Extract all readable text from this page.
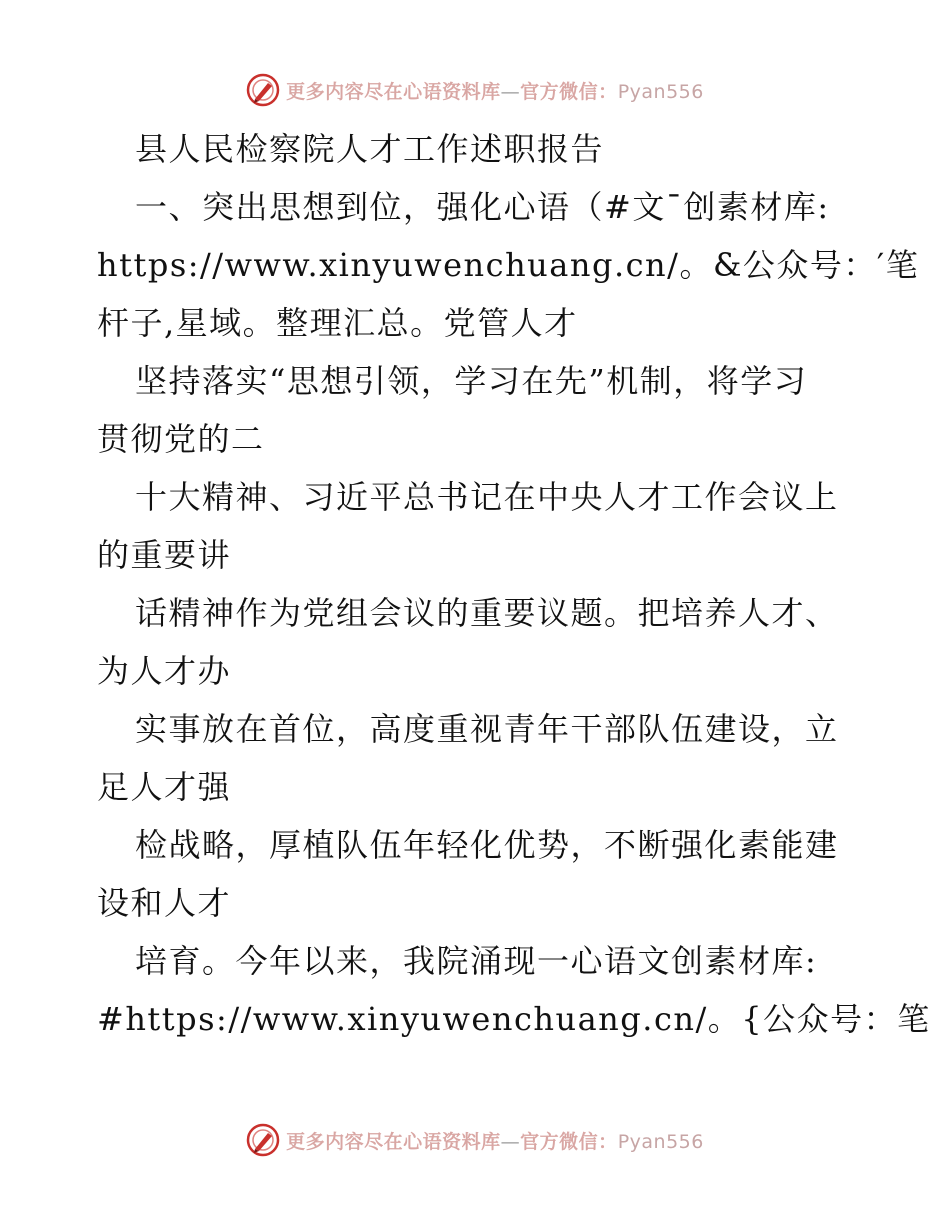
更多内容尽在心语资料库—官方微信：Pyan556
县人民检察院人才工作述职报告
一、突出思想到位，强化心语（#文¯创素材库:
https://www.xinyuwenchuang.cn/。&公众号：′笔
杆子,星域。整理汇总。党管人才
坚持落实“思想引领，学习在先”机制，将学习
贯彻党的二
十大精神、习近平总书记在中央人才工作会议上
的重要讲
话精神作为党组会议的重要议题。把培养人才、
为人才办
实事放在首位，高度重视青年干部队伍建设，立
足人才强
检战略，厚植队伍年轻化优势，不断强化素能建
设和人才
培育。今年以来，我院涌现一心语文创素材库:
#https://www.xinyuwenchuang.cn/。{公众号：笔
更多内容尽在心语资料库—官方微信：Pyan556
